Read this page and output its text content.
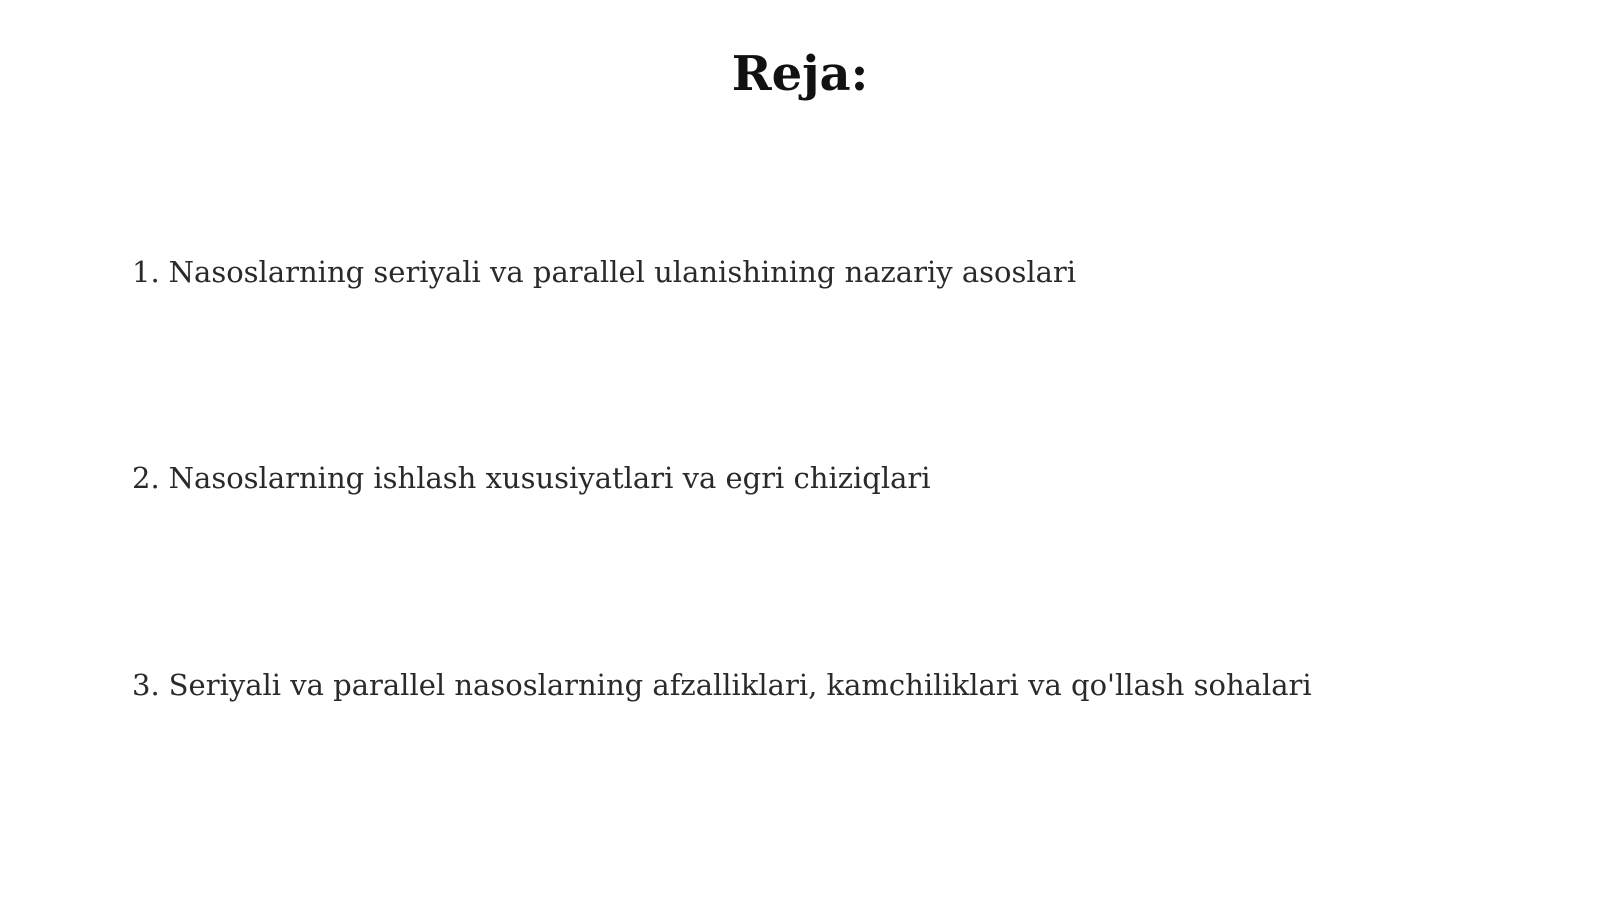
Reja:
1. Nasoslarning seriyali va parallel ulanishining nazariy asoslari
2. Nasoslarning ishlash xususiyatlari va egri chiziqlari
3. Seriyali va parallel nasoslarning afzalliklari, kamchiliklari va qo'llash sohalari
